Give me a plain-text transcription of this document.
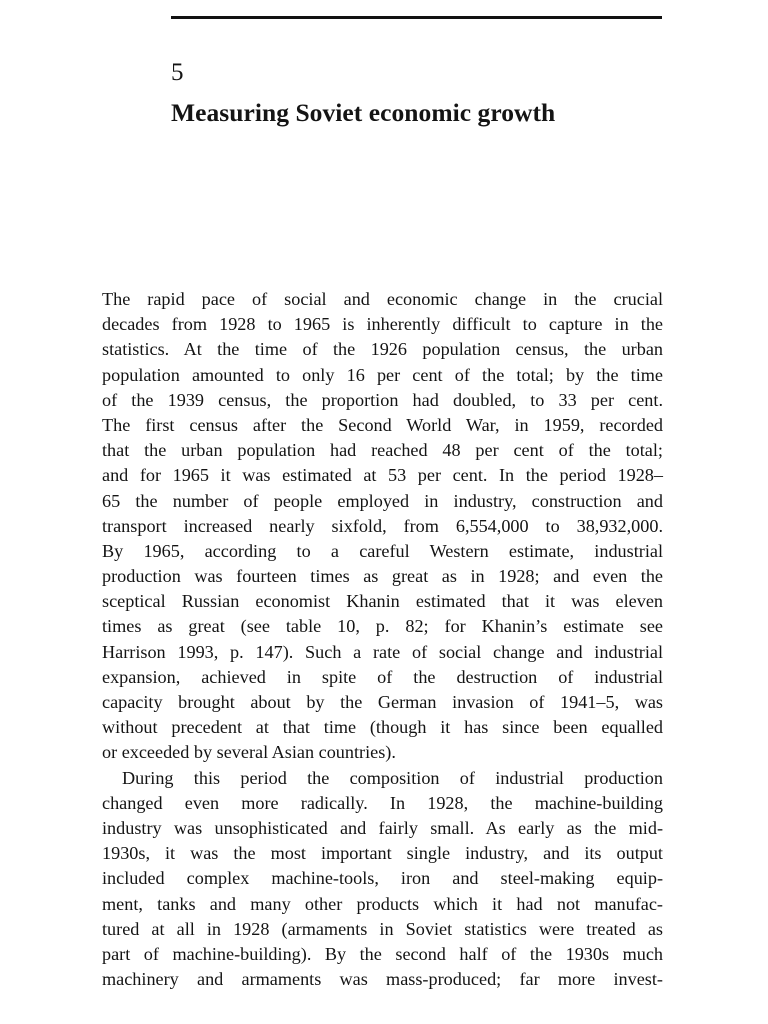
5
Measuring Soviet economic growth
The rapid pace of social and economic change in the crucial
decades from 1928 to 1965 is inherently difficult to capture in the
statistics. At the time of the 1926 population census, the urban
population amounted to only 16 per cent of the total; by the time
of the 1939 census, the proportion had doubled, to 33 per cent.
The first census after the Second World War, in 1959, recorded
that the urban population had reached 48 per cent of the total;
and for 1965 it was estimated at 53 per cent. In the period 1928–
65 the number of people employed in industry, construction and
transport increased nearly sixfold, from 6,554,000 to 38,932,000.
By 1965, according to a careful Western estimate, industrial
production was fourteen times as great as in 1928; and even the
sceptical Russian economist Khanin estimated that it was eleven
times as great (see table 10, p. 82; for Khanin’s estimate see
Harrison 1993, p. 147). Such a rate of social change and industrial
expansion, achieved in spite of the destruction of industrial
capacity brought about by the German invasion of 1941–5, was
without precedent at that time (though it has since been equalled
or exceeded by several Asian countries).
During this period the composition of industrial production
changed even more radically. In 1928, the machine-building
industry was unsophisticated and fairly small. As early as the mid-
1930s, it was the most important single industry, and its output
included complex machine-tools, iron and steel-making equip-
ment, tanks and many other products which it had not manufac-
tured at all in 1928 (armaments in Soviet statistics were treated as
part of machine-building). By the second half of the 1930s much
machinery and armaments was mass-produced; far more invest-
